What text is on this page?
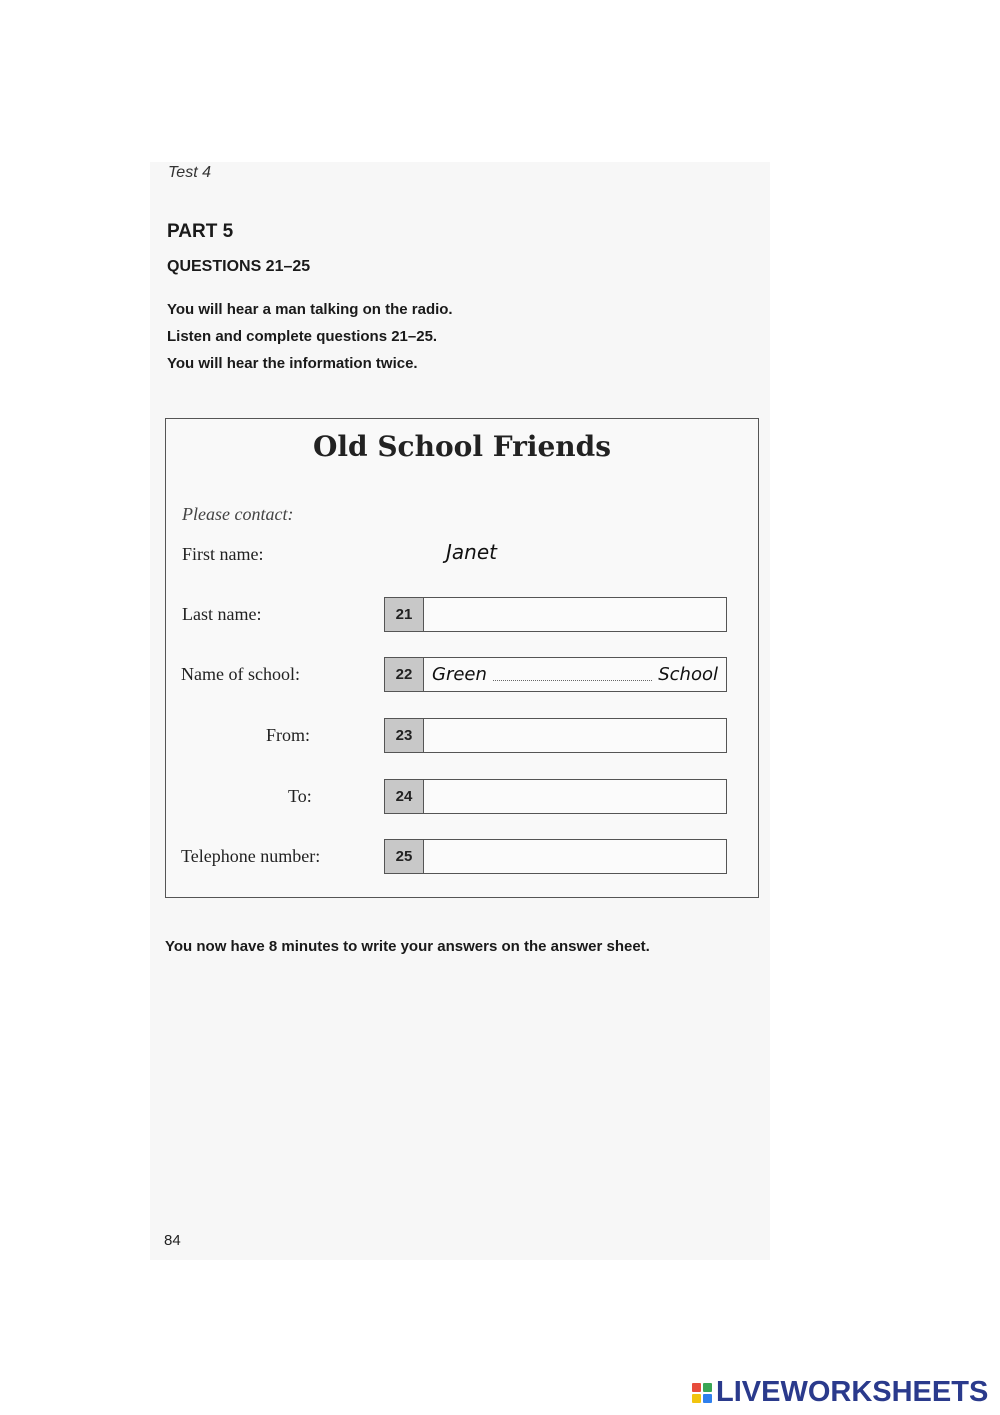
Test 4
PART 5
QUESTIONS 21–25
You will hear a man talking on the radio.
Listen and complete questions 21–25.
You will hear the information twice.
Old School Friends
Please contact:
First name:	Janet
Last name:	21
Name of school:	22	Green	School
From:	23
To:	24
Telephone number:	25
You now have 8 minutes to write your answers on the answer sheet.
84
LIVEWORKSHEETS
